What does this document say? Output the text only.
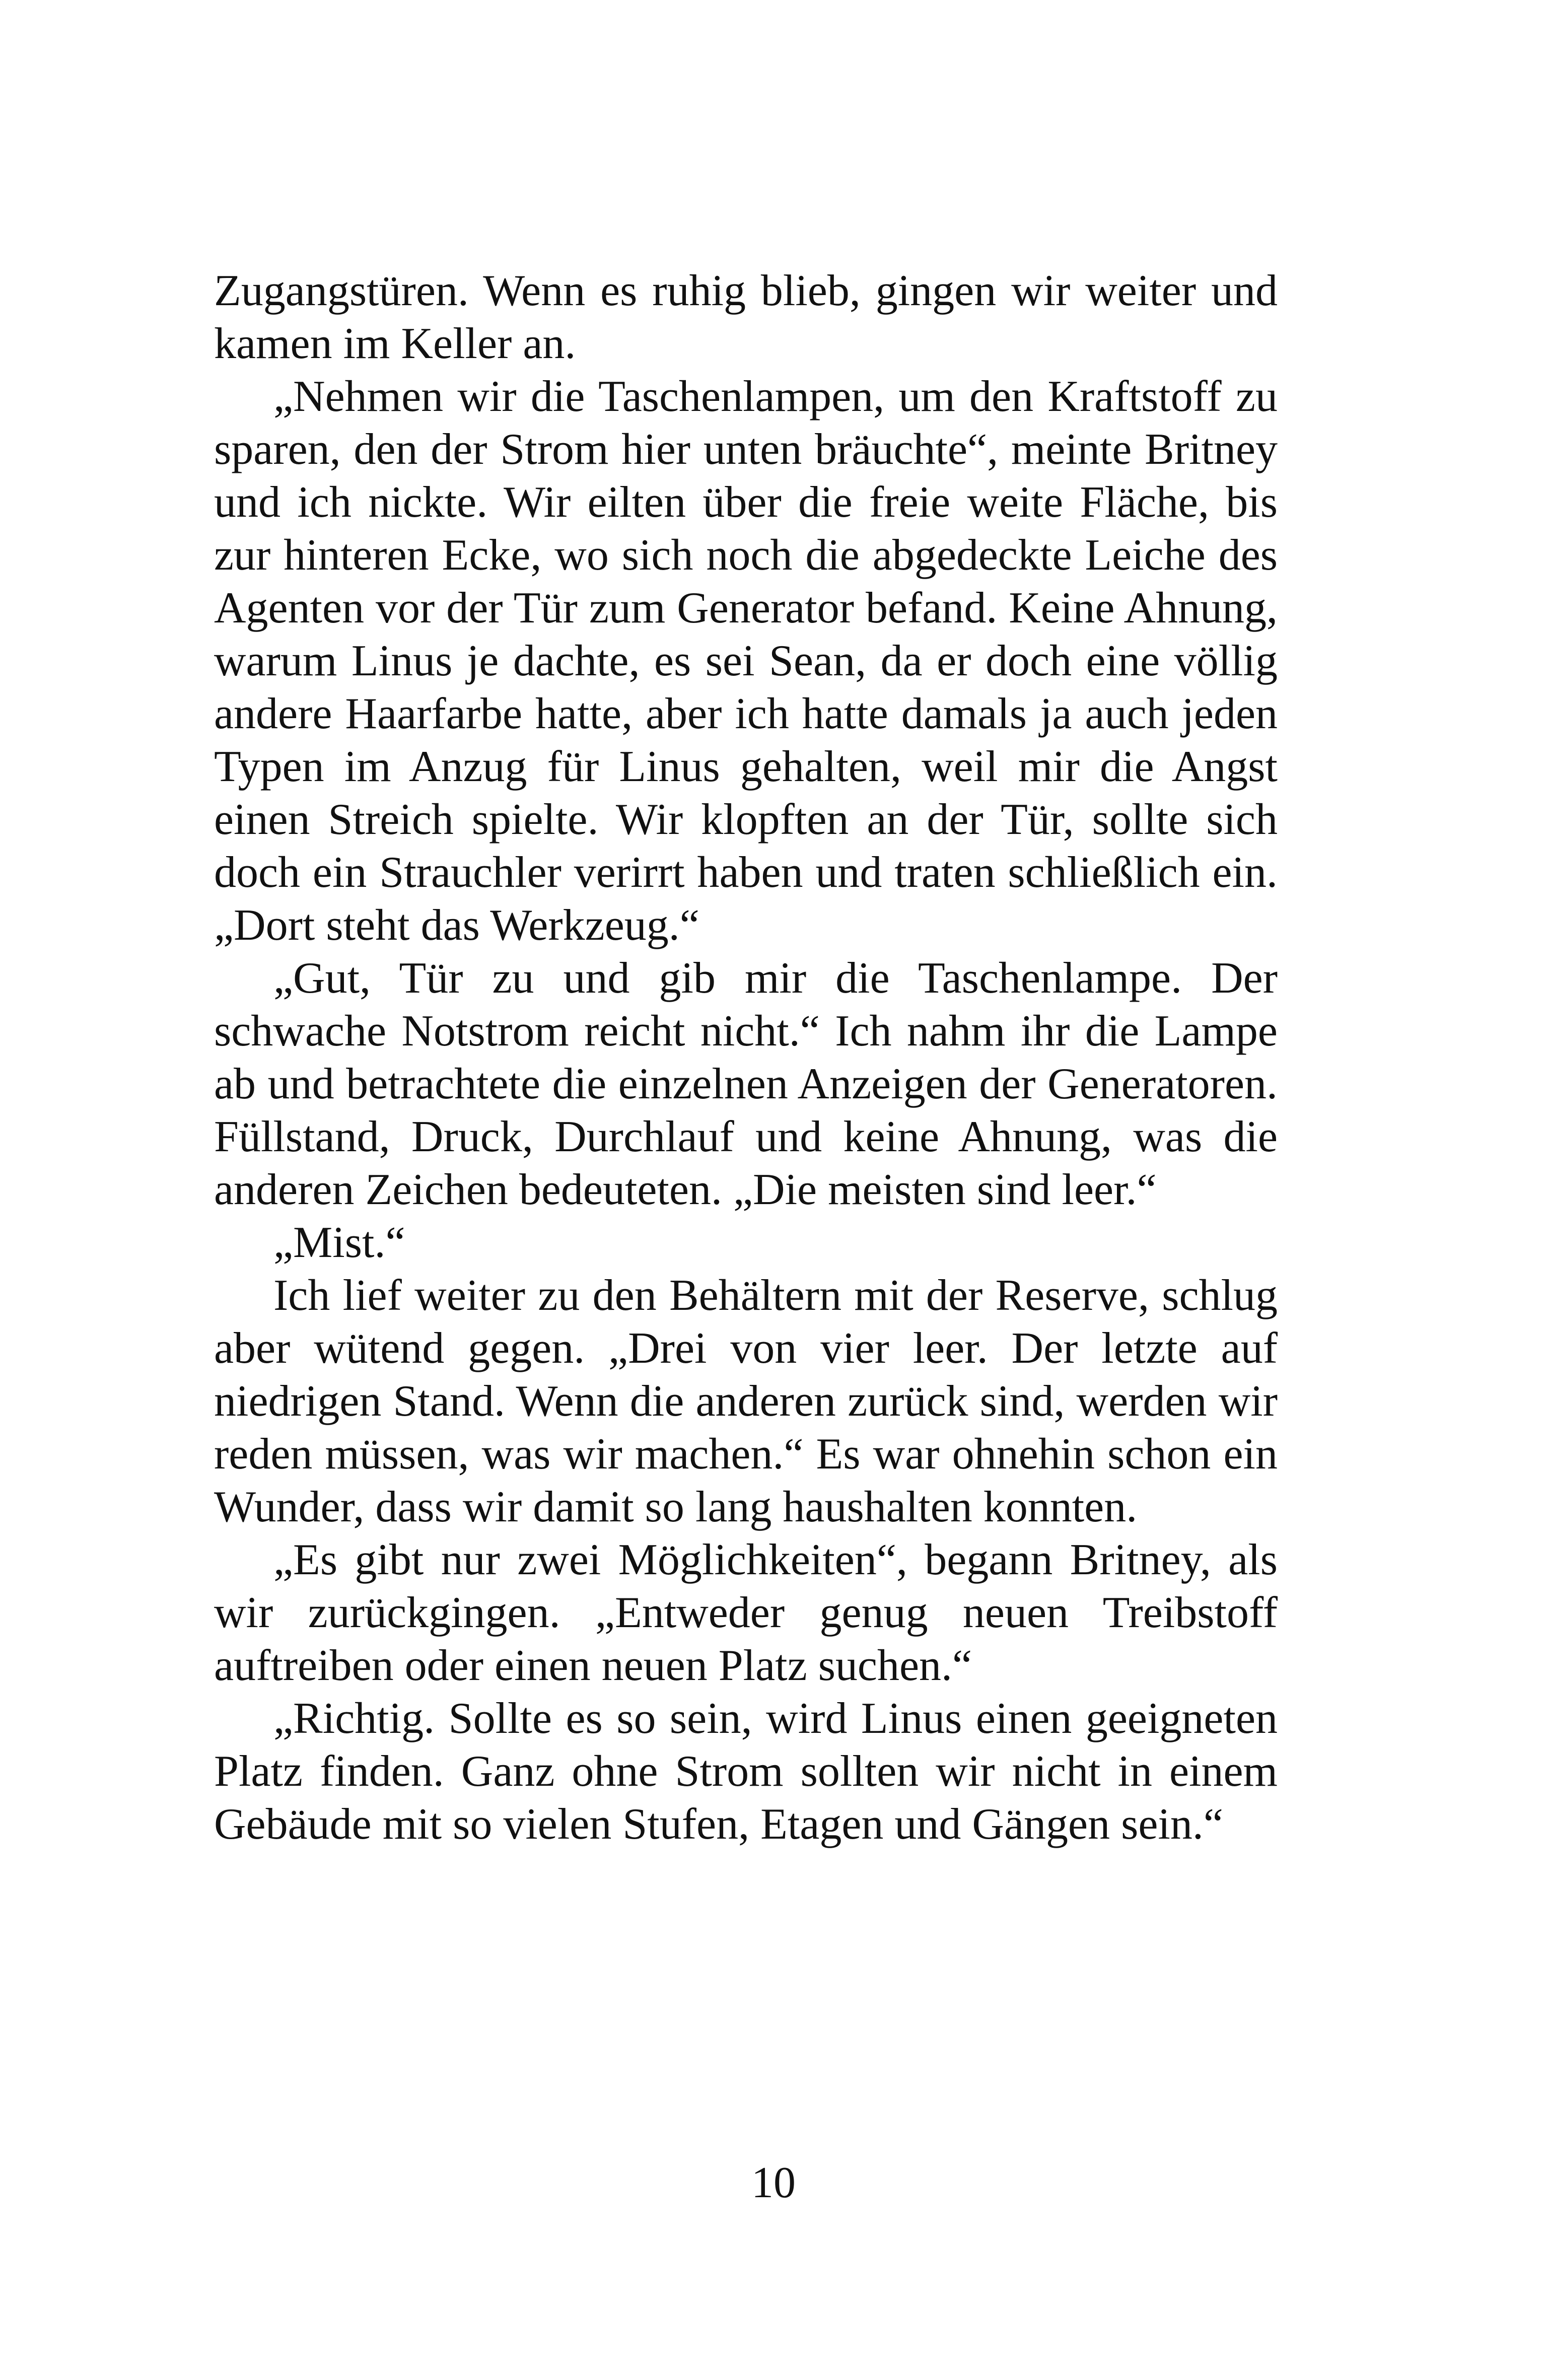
Zugangstüren. Wenn es ruhig blieb, gingen wir weiter und kamen im Keller an.

„Nehmen wir die Taschenlampen, um den Kraftstoff zu sparen, den der Strom hier unten bräuchte“, meinte Britney und ich nickte. Wir eilten über die freie weite Fläche, bis zur hinteren Ecke, wo sich noch die abgedeckte Leiche des Agenten vor der Tür zum Generator befand. Keine Ahnung, warum Linus je dachte, es sei Sean, da er doch eine völlig andere Haarfarbe hatte, aber ich hatte damals ja auch jeden Typen im Anzug für Linus gehalten, weil mir die Angst einen Streich spielte. Wir klopften an der Tür, sollte sich doch ein Strauchler verirrt haben und traten schließlich ein. „Dort steht das Werkzeug.“

„Gut, Tür zu und gib mir die Taschenlampe. Der schwache Notstrom reicht nicht.“ Ich nahm ihr die Lampe ab und betrachtete die einzelnen Anzeigen der Generatoren. Füllstand, Druck, Durchlauf und keine Ahnung, was die anderen Zeichen bedeuteten. „Die meisten sind leer.“

„Mist.“

Ich lief weiter zu den Behältern mit der Reserve, schlug aber wütend gegen. „Drei von vier leer. Der letzte auf niedrigen Stand. Wenn die anderen zurück sind, werden wir reden müssen, was wir machen.“ Es war ohnehin schon ein Wunder, dass wir damit so lang haushalten konnten.

„Es gibt nur zwei Möglichkeiten“, begann Britney, als wir zurückgingen. „Entweder genug neuen Treibstoff auftreiben oder einen neuen Platz suchen.“

„Richtig. Sollte es so sein, wird Linus einen geeigneten Platz finden. Ganz ohne Strom sollten wir nicht in einem Gebäude mit so vielen Stufen, Etagen und Gängen sein.“

10
